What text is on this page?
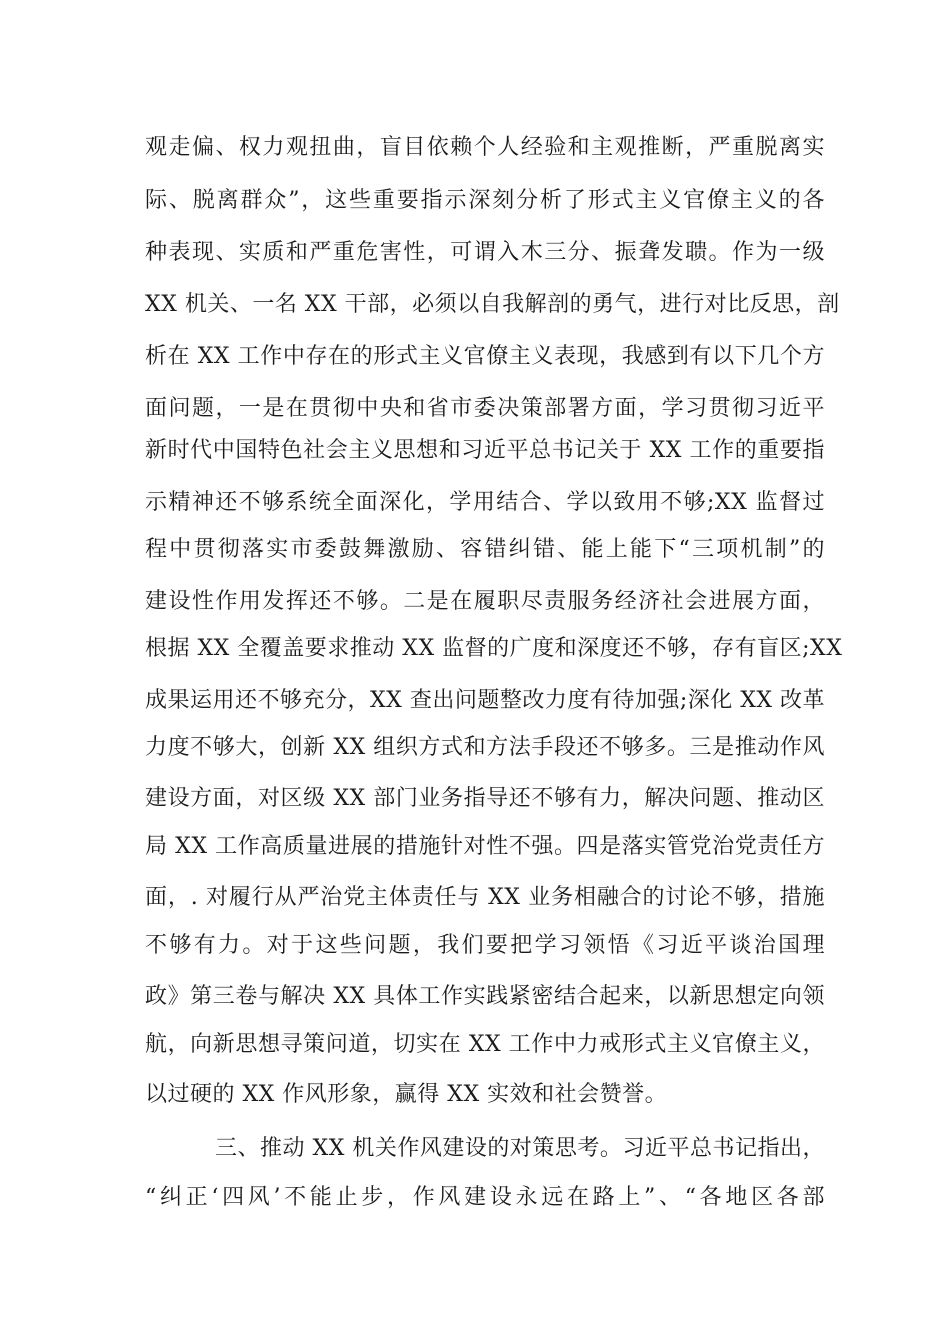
观走偏、权力观扭曲，盲目依赖个人经验和主观推断，严重脱离实
际、脱离群众”，这些重要指示深刻分析了形式主义官僚主义的各
种表现、实质和严重危害性，可谓入木三分、振聋发聩。作为一级
XX 机关、一名 XX 干部，必须以自我解剖的勇气，进行对比反思，剖
析在 XX 工作中存在的形式主义官僚主义表现，我感到有以下几个方
面问题，一是在贯彻中央和省市委决策部署方面，学习贯彻习近平
新时代中国特色社会主义思想和习近平总书记关于 XX 工作的重要指
示精神还不够系统全面深化，学用结合、学以致用不够;XX 监督过
程中贯彻落实市委鼓舞激励、容错纠错、能上能下“三项机制”的
建设性作用发挥还不够。二是在履职尽责服务经济社会进展方面，
根据 XX 全覆盖要求推动 XX 监督的广度和深度还不够，存有盲区;XX
成果运用还不够充分，XX 查出问题整改力度有待加强;深化 XX 改革
力度不够大，创新 XX 组织方式和方法手段还不够多。三是推动作风
建设方面，对区级 XX 部门业务指导还不够有力，解决问题、推动区
局 XX 工作高质量进展的措施针对性不强。四是落实管党治党责任方
面，. 对履行从严治党主体责任与 XX 业务相融合的讨论不够，措施
不够有力。对于这些问题，我们要把学习领悟《习近平谈治国理
政》第三卷与解决 XX 具体工作实践紧密结合起来，以新思想定向领
航，向新思想寻策问道，切实在 XX 工作中力戒形式主义官僚主义，
以过硬的 XX 作风形象，赢得 XX 实效和社会赞誉。
三、推动 XX 机关作风建设的对策思考。习近平总书记指出，
“纠正‘四风’不能止步，作风建设永远在路上”、“各地区各部
